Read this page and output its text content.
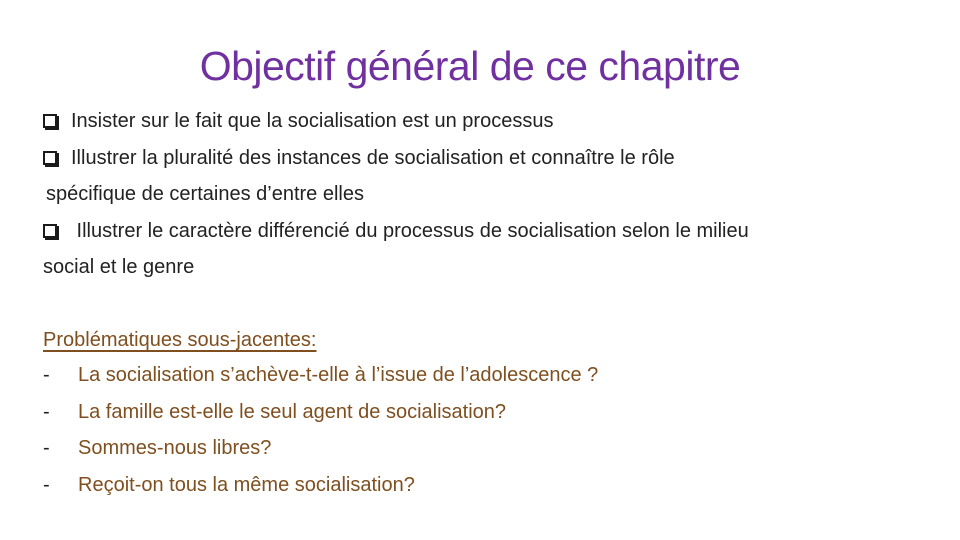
Objectif général de ce chapitre
Insister sur le fait que la socialisation est un processus
Illustrer la pluralité des instances de socialisation et connaître le rôle
spécifique de certaines d’entre elles
Illustrer le caractère différencié du processus de socialisation selon le milieu
social et le genre
Problématiques sous-jacentes:
- La socialisation s’achève-t-elle à l’issue de l’adolescence ?
- La famille est-elle le seul agent de socialisation?
- Sommes-nous libres?
- Reçoit-on tous la même socialisation?
